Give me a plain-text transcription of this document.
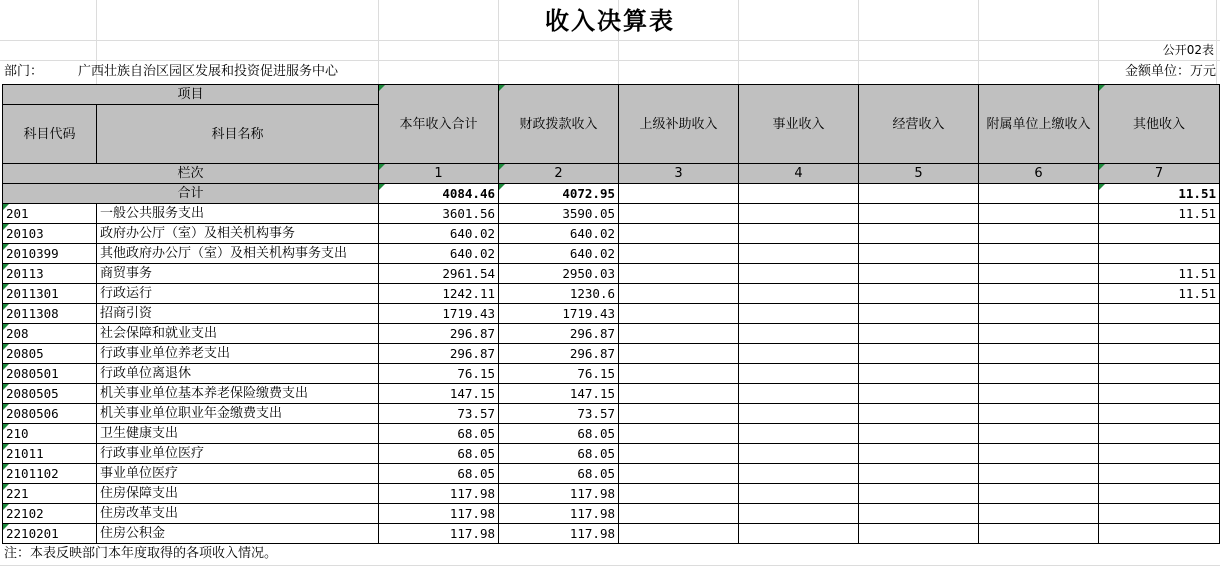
收入决算表
公开02表
部门：	广西壮族自治区园区发展和投资促进服务中心	金额单位：万元
项目		本年收入合计	财政拨款收入	上级补助收入	事业收入	经营收入	附属单位上缴收入	其他收入
科目代码	科目名称							
栏次		1	2	3	4	5	6	7
合计		4084.46	4072.95					11.51
201	一般公共服务支出	3601.56	3590.05					11.51
20103	政府办公厅（室）及相关机构事务	640.02	640.02					
2010399	其他政府办公厅（室）及相关机构事务支出	640.02	640.02					
20113	商贸事务	2961.54	2950.03					11.51
2011301	行政运行	1242.11	1230.6					11.51
2011308	招商引资	1719.43	1719.43					
208	社会保障和就业支出	296.87	296.87					
20805	行政事业单位养老支出	296.87	296.87					
2080501	行政单位离退休	76.15	76.15					
2080505	机关事业单位基本养老保险缴费支出	147.15	147.15					
2080506	机关事业单位职业年金缴费支出	73.57	73.57					
210	卫生健康支出	68.05	68.05					
21011	行政事业单位医疗	68.05	68.05					
2101102	事业单位医疗	68.05	68.05					
221	住房保障支出	117.98	117.98					
22102	住房改革支出	117.98	117.98					
2210201	住房公积金	117.98	117.98					
注：本表反映部门本年度取得的各项收入情况。
